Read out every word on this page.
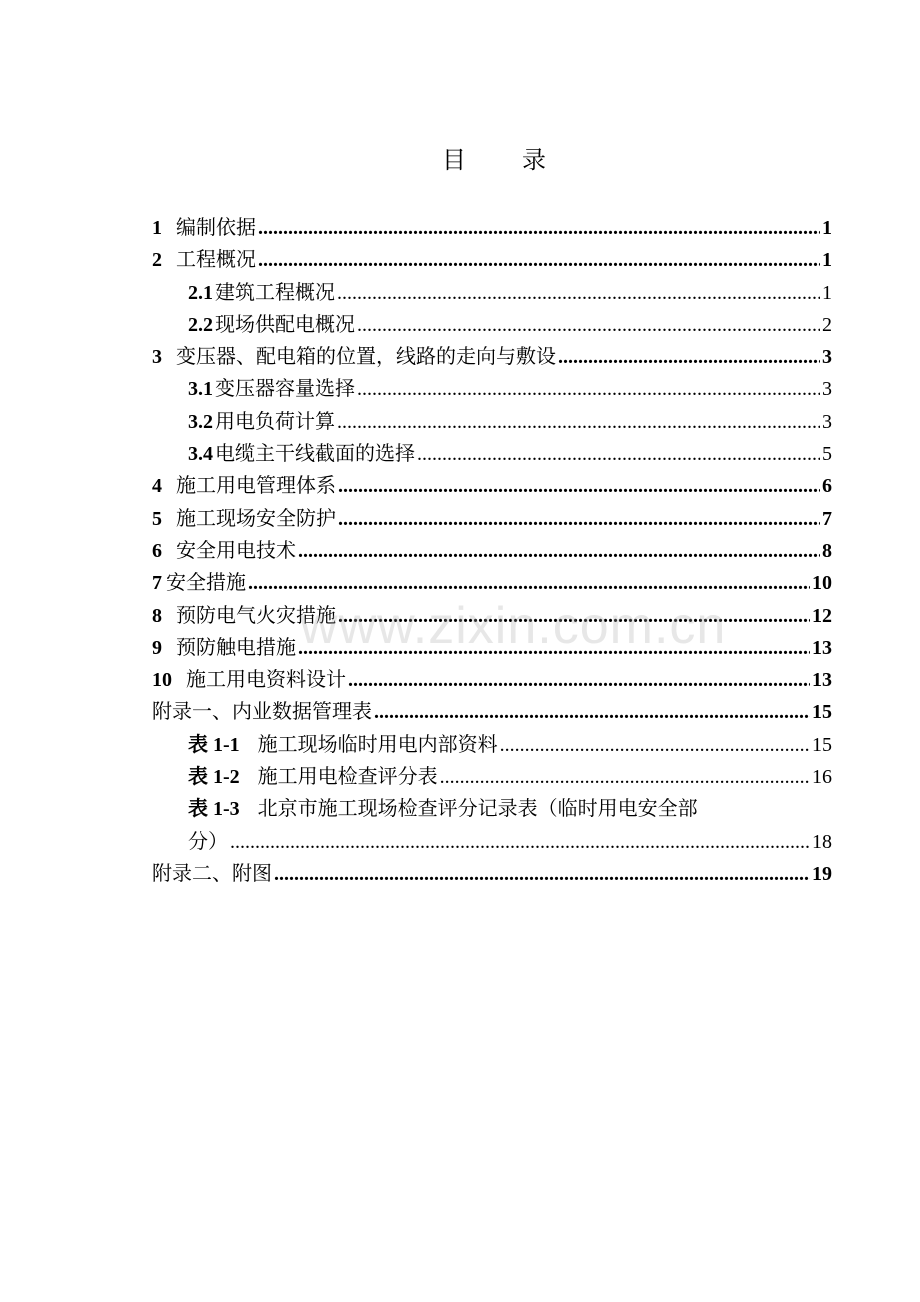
目 录
1 编制依据 .....	1
2 工程概况 .....	1
2.1 建筑工程概况 .....	1
2.2 现场供配电概况 .....	2
3 变压器、配电箱的位置，线路的走向与敷设 .....	3
3.1 变压器容量选择 .....	3
3.2 用电负荷计算 .....	3
3.4 电缆主干线截面的选择 .....	5
4 施工用电管理体系 .....	6
5 施工现场安全防护 .....	7
6 安全用电技术 .....	8
7 安全措施 .....	10
8 预防电气火灾措施 .....	12
9 预防触电措施 .....	13
10 施工用电资料设计 .....	13
附录一、内业数据管理表 .....	15
表 1-1 施工现场临时用电内部资料 .....	15
表 1-2 施工用电检查评分表 .....	16
表 1-3 北京市施工现场检查评分记录表（临时用电安全部
分） .....	18
附录二、附图 .....	19
www.zixin.com.cn
